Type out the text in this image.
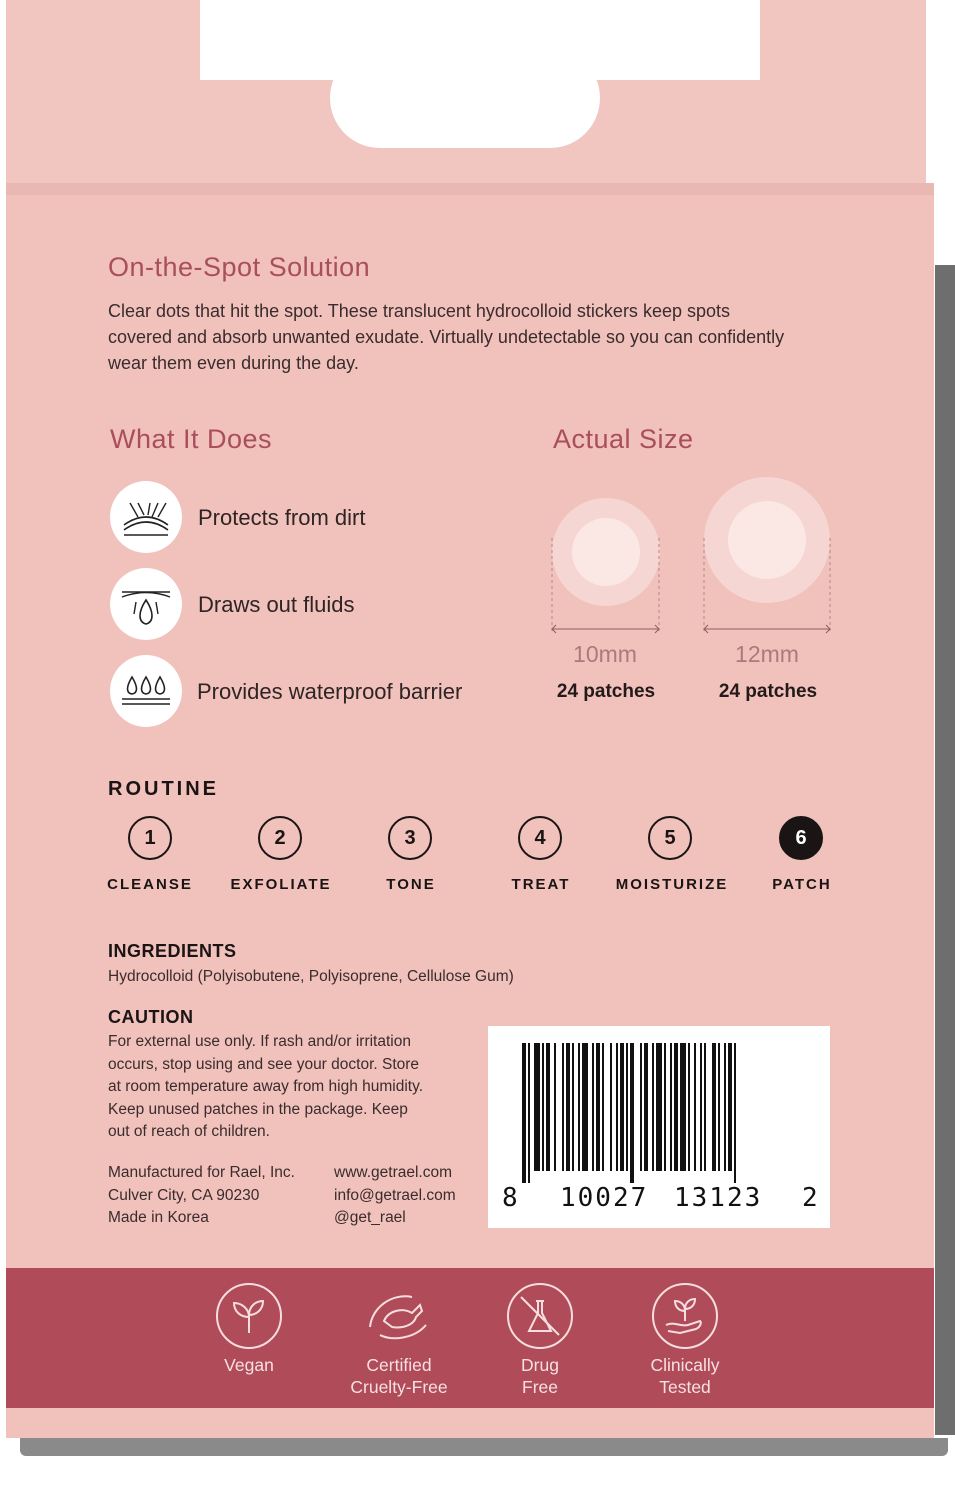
On-the-Spot Solution
Clear dots that hit the spot. These translucent hydrocolloid stickers keep spots
covered and absorb unwanted exudate. Virtually undetectable so you can confidently
wear them even during the day.
What It Does
Protects from dirt
Draws out fluids
Provides waterproof barrier
Actual Size
10mm	12mm
24 patches	24 patches
ROUTINE
1	2	3	4	5	6
CLEANSE	EXFOLIATE	TONE	TREAT	MOISTURIZE	PATCH
INGREDIENTS
Hydrocolloid (Polyisobutene, Polyisoprene, Cellulose Gum)
CAUTION
For external use only. If rash and/or irritation
occurs, stop using and see your doctor. Store
at room temperature away from high humidity.
Keep unused patches in the package. Keep
out of reach of children.
Manufactured for Rael, Inc.
Culver City, CA 90230
Made in Korea
www.getrael.com
info@getrael.com
@get_rael
8 10027 13123 2
Vegan	Certified
Cruelty-Free
Drug
Free
Clinically
Tested
